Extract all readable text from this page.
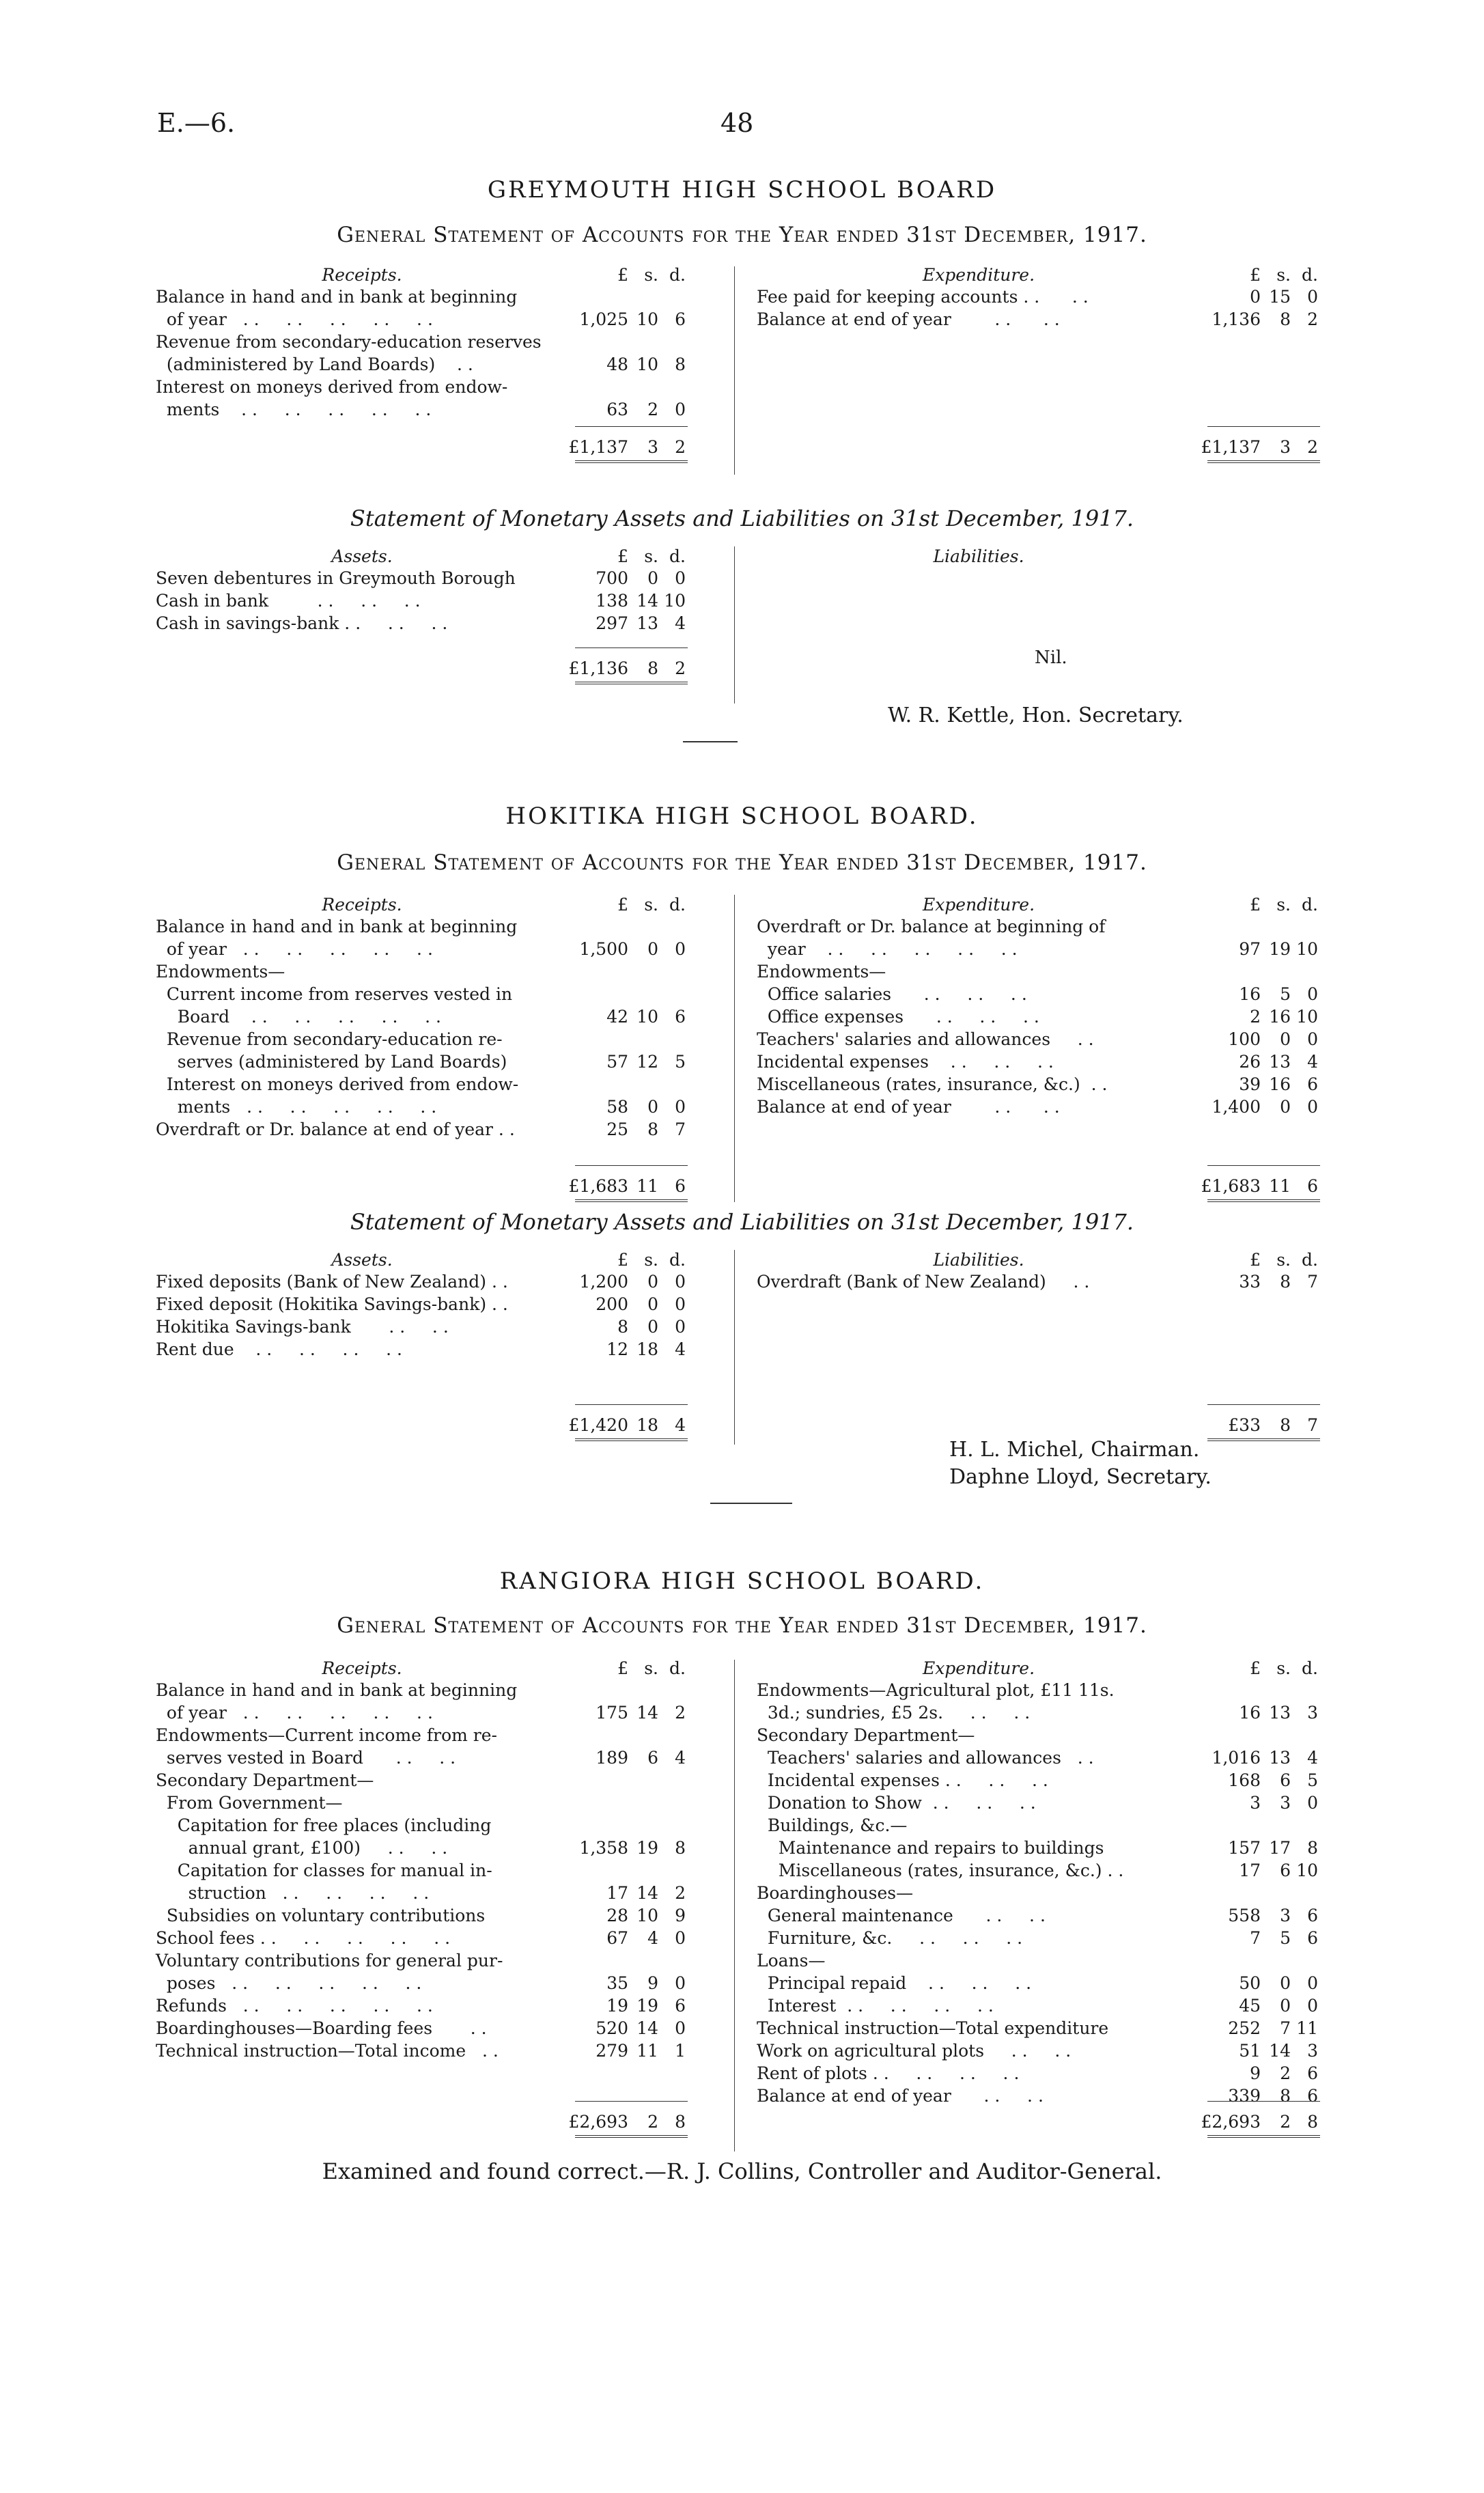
E.—6.	48
GREYMOUTH HIGH SCHOOL BOARD
General Statement of Accounts for the Year ended 31st December, 1917.
Receipts.	£ s. d.
Balance in hand and in bank at beginning
of year   . .     . .     . .     . .     . .	1,025 10 6
Revenue from secondary-education reserves
(administered by Land Boards)    . .	48 10 8
Interest on moneys derived from endow-
ments    . .     . .     . .     . .     . .	63	2 0
£1,137	3 2
Expenditure.	£ s. d.
Fee paid for keeping accounts . .      . .	0 15 0
Balance at end of year        . .      . .	1,136	8 2
£1,137	3 2
Assets.	£ s. d.
Seven debentures in Greymouth Borough	700	0 0
Cash in bank         . .     . .     . .	138 14 10
Cash in savings-bank . .     . .     . .	297 13 4
£1,136	8 2
Liabilities.
Statement of Monetary Assets and Liabilities on 31st December, 1917.
Nil.
W. R. Kettle, Hon. Secretary.
HOKITIKA HIGH SCHOOL BOARD.
General Statement of Accounts for the Year ended 31st December, 1917.
Receipts.	£ s. d.
Balance in hand and in bank at beginning
of year   . .     . .     . .     . .     . .	1,500	0 0
Endowments—
Current income from reserves vested in
Board    . .     . .     . .     . .     . .	42 10 6
Revenue from secondary-education re-
serves (administered by Land Boards)	57 12 5
Interest on moneys derived from endow-
ments   . .     . .     . .     . .     . .	58	0 0
Overdraft or Dr. balance at end of year . .	25	8 7
£1,683 11 6
Expenditure.	£ s. d.
Overdraft or Dr. balance at beginning of
year    . .     . .     . .     . .     . .	97 19 10
Endowments—
Office salaries      . .     . .     . .	16	5 0
Office expenses      . .     . .     . .	2 16 10
Teachers' salaries and allowances     . .	100	0 0
Incidental expenses    . .     . .     . .	26 13 4
Miscellaneous (rates, insurance, &c.)  . .	39 16 6
Balance at end of year        . .      . .	1,400	0 0
£1,683 11 6
Statement of Monetary Assets and Liabilities on 31st December, 1917.
Assets.	£ s. d.
Fixed deposits (Bank of New Zealand) . .	1,200	0 0
Fixed deposit (Hokitika Savings-bank) . .	200	0 0
Hokitika Savings-bank       . .     . .	8	0 0
Rent due    . .     . .     . .     . .	12 18 4
£1,420 18 4
Liabilities.	£ s. d.
Overdraft (Bank of New Zealand)     . .	33	8 7
£33	8 7
H. L. Michel, Chairman.
Daphne Lloyd, Secretary.
RANGIORA HIGH SCHOOL BOARD.
General Statement of Accounts for the Year ended 31st December, 1917.
Receipts.	£ s. d.
Balance in hand and in bank at beginning
of year   . .     . .     . .     . .     . .	175 14 2
Endowments—Current income from re-
serves vested in Board      . .     . .	189	6 4
Secondary Department—
From Government—
Capitation for free places (including
annual grant, £100)     . .     . .	1,358 19 8
Capitation for classes for manual in-
struction   . .     . .     . .     . .	17 14 2
Subsidies on voluntary contributions	28 10 9
School fees . .     . .     . .     . .     . .	67	4 0
Voluntary contributions for general pur-
poses   . .     . .     . .     . .     . .	35	9 0
Refunds   . .     . .     . .     . .     . .	19 19 6
Boardinghouses—Boarding fees       . .	520 14 0
Technical instruction—Total income   . .	279 11 1
£2,693	2 8
Expenditure.	£ s. d.
Endowments—Agricultural plot, £11 11s.
3d.; sundries, £5 2s.     . .     . .	16 13 3
Secondary Department—
Teachers' salaries and allowances   . .	1,016 13 4
Incidental expenses . .     . .     . .	168	6 5
Donation to Show  . .     . .     . .	3	3 0
Buildings, &c.—
Maintenance and repairs to buildings	157 17 8
Miscellaneous (rates, insurance, &c.) . .	17	6 10
Boardinghouses—
General maintenance      . .     . .	558	3 6
Furniture, &c.     . .     . .     . .	7	5 6
Loans—
Principal repaid    . .     . .     . .	50	0 0
Interest  . .     . .     . .     . .	45	0 0
Technical instruction—Total expenditure	252	7 11
Work on agricultural plots     . .     . .	51 14 3
Rent of plots . .     . .     . .     . .	9	2 6
Balance at end of year      . .     . .	339	8 6
£2,693	2 8
Examined and found correct.—R. J. Collins, Controller and Auditor-General.
